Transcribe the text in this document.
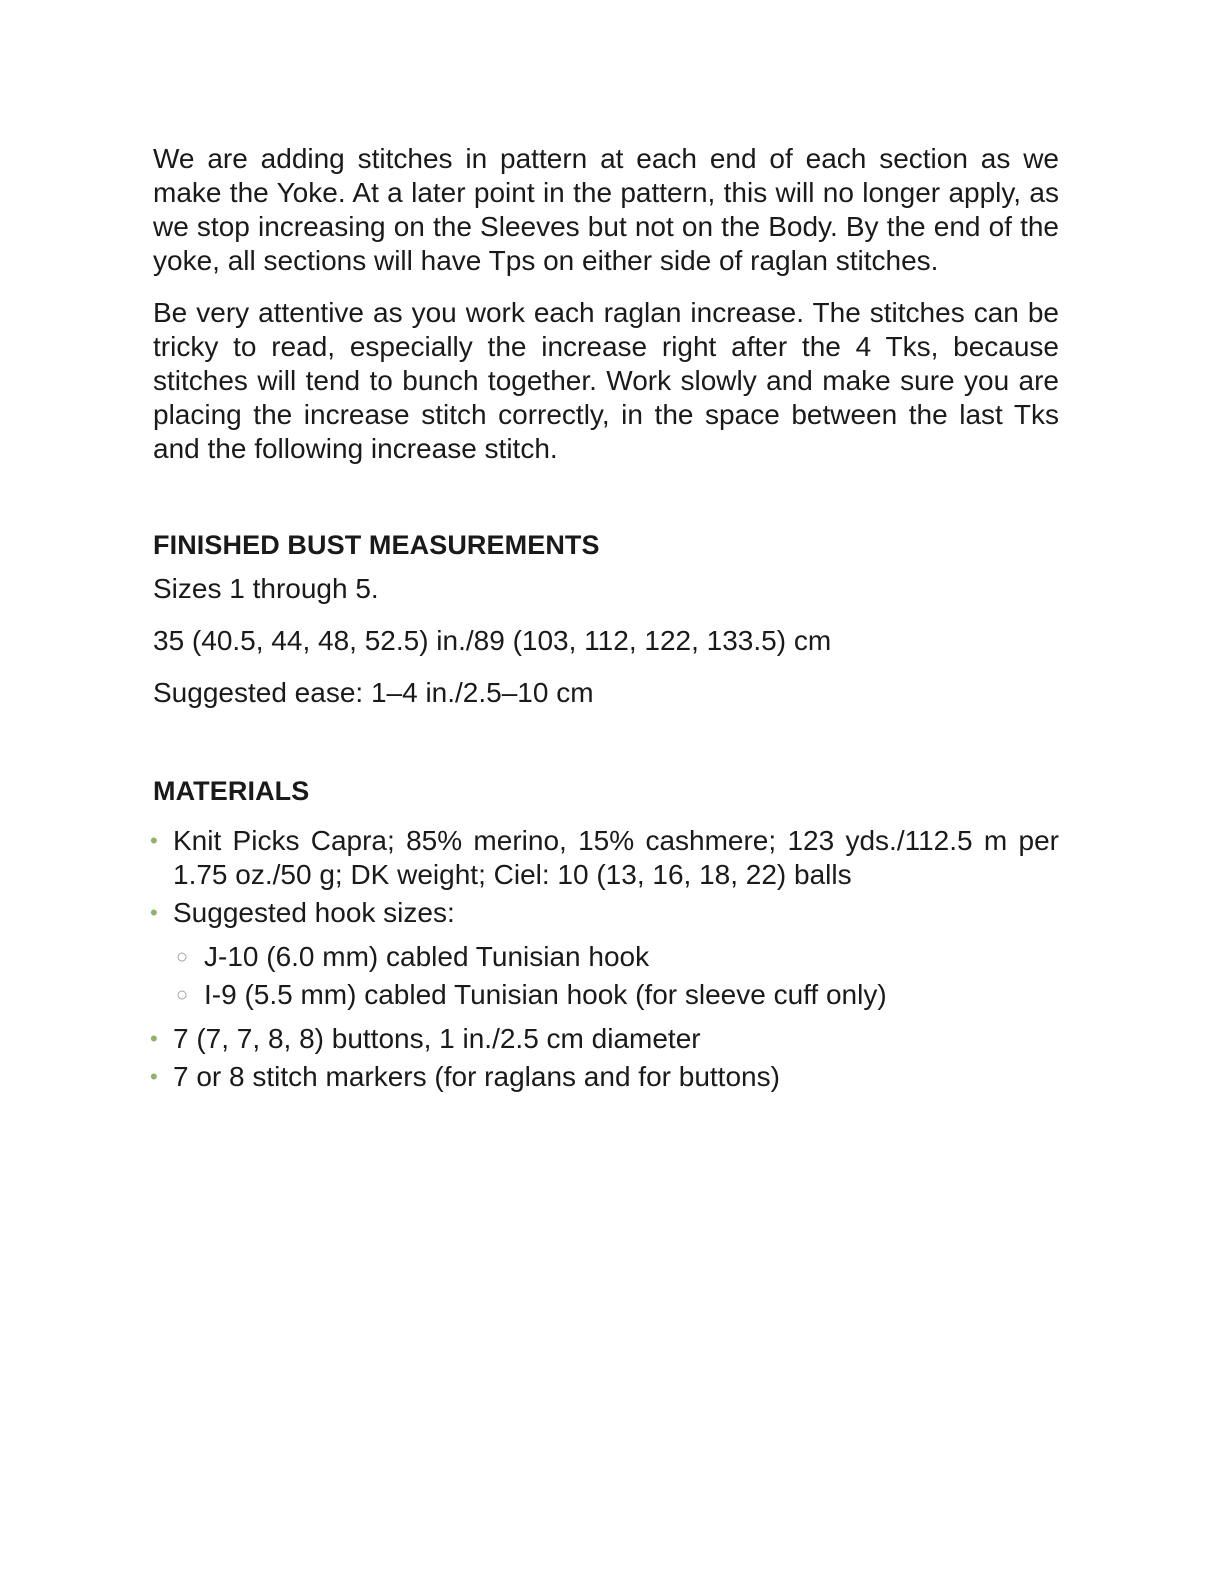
We are adding stitches in pattern at each end of each section as we make the Yoke. At a later point in the pattern, this will no longer apply, as we stop increasing on the Sleeves but not on the Body. By the end of the yoke, all sections will have Tps on either side of raglan stitches.

Be very attentive as you work each raglan increase. The stitches can be tricky to read, especially the increase right after the 4 Tks, because stitches will tend to bunch together. Work slowly and make sure you are placing the increase stitch correctly, in the space between the last Tks and the following increase stitch.

FINISHED BUST MEASUREMENTS

Sizes 1 through 5.

35 (40.5, 44, 48, 52.5) in./89 (103, 112, 122, 133.5) cm

Suggested ease: 1–4 in./2.5–10 cm

MATERIALS
• Knit Picks Capra; 85% merino, 15% cashmere; 123 yds./112.5 m per 1.75 oz./50 g; DK weight; Ciel: 10 (13, 16, 18, 22) balls
• Suggested hook sizes:
○ J-10 (6.0 mm) cabled Tunisian hook
○ I-9 (5.5 mm) cabled Tunisian hook (for sleeve cuff only)
• 7 (7, 7, 8, 8) buttons, 1 in./2.5 cm diameter
• 7 or 8 stitch markers (for raglans and for buttons)
